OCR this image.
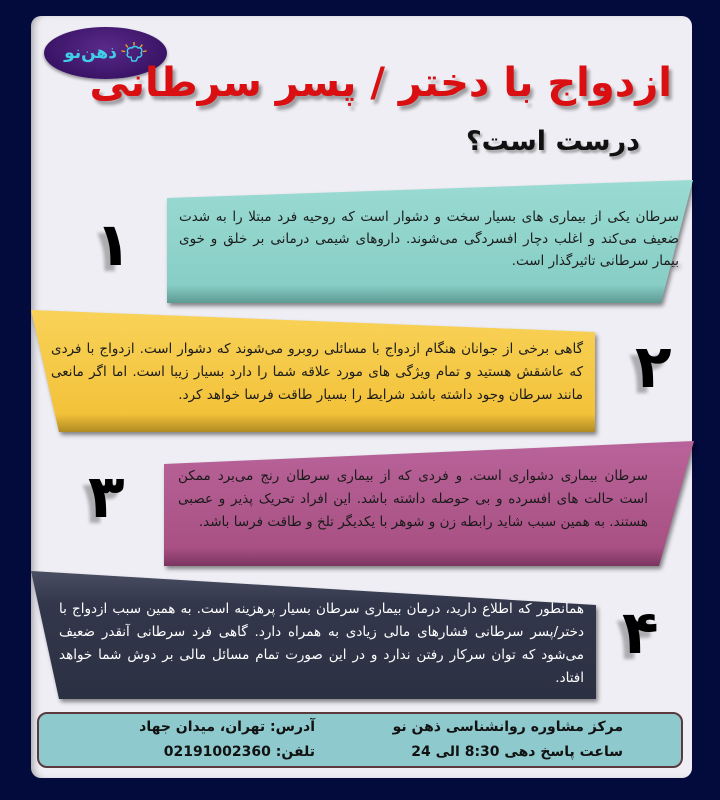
ذهن‌نو
ازدواج با دختر / پسر سرطانی
درست است؟
سرطان یکی از بیماری های بسیار سخت و دشوار است که روحیه فرد مبتلا را به شدت ضعیف می‌کند و اغلب دچار افسردگی می‌شوند. داروهای شیمی درمانی بر خلق و خوی بیمار سرطانی تاثیرگذار است.
۱
گاهی برخی از جوانان هنگام ازدواج با مسائلی روبرو می‌شوند که دشوار است. ازدواج با فردی که عاشقش هستید و تمام ویژگی های مورد علاقه شما را دارد بسیار زیبا است. اما اگر مانعی مانند سرطان وجود داشته باشد شرایط را بسیار طاقت فرسا خواهد کرد. ۲
سرطان بیماری دشواری است. و فردی که از بیماری سرطان رنج می‌برد ممکن است حالت های افسرده و بی حوصله داشته باشد. این افراد تحریک پذیر و عصبی هستند. به همین سبب شاید رابطه زن و شوهر با یکدیگر تلخ و طاقت فرسا باشد.
۳
همانطور که اطلاع دارید، درمان بیماری سرطان بسیار پرهزینه است. به همین سبب ازدواج با دختر/پسر سرطانی فشارهای مالی زیادی به همراه دارد. گاهی فرد سرطانی آنقدر ضعیف می‌شود که توان سرکار رفتن ندارد و در این صورت تمام مسائل مالی بر دوش شما خواهد افتاد.
۴
مرکز مشاوره روانشناسی ذهن نو
ساعت پاسخ دهی 8:30 الی 24
آدرس: تهران، میدان جهاد
تلفن: 02191002360
